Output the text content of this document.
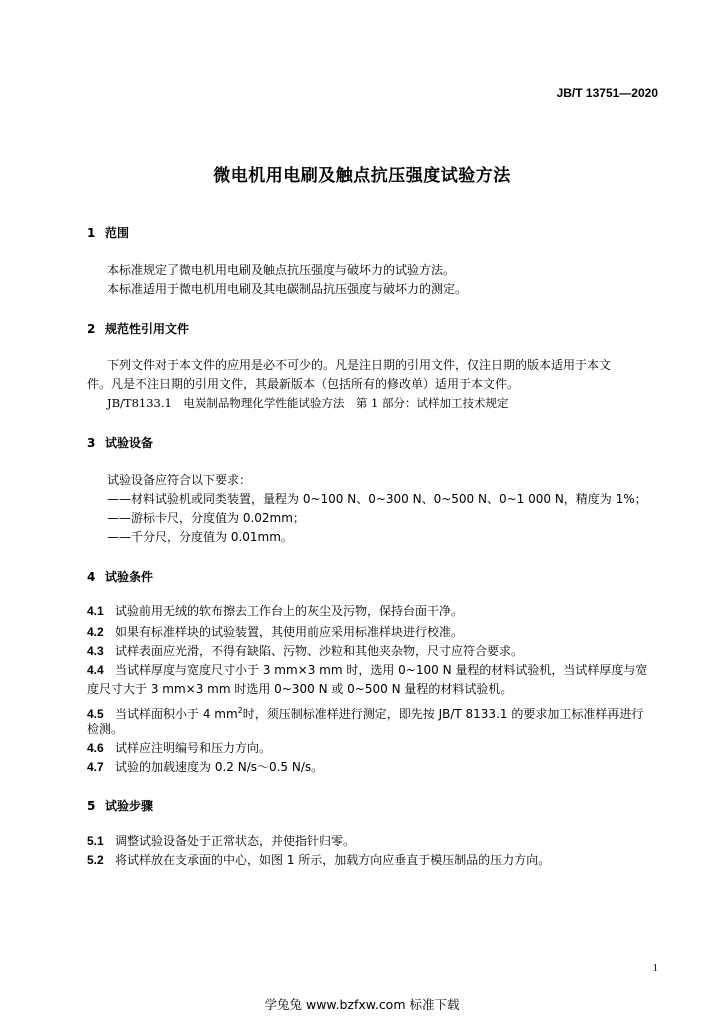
JB/T 13751—2020
微电机用电刷及触点抗压强度试验方法
1 范围
本标准规定了微电机用电刷及触点抗压强度与破坏力的试验方法。
本标准适用于微电机用电刷及其电碳制品抗压强度与破坏力的测定。
2 规范性引用文件
下列文件对于本文件的应用是必不可少的。凡是注日期的引用文件，仅注日期的版本适用于本文
件。凡是不注日期的引用文件，其最新版本（包括所有的修改单）适用于本文件。
JB/T8133.1　电炭制品物理化学性能试验方法　第 1 部分：试样加工技术规定
3 试验设备
试验设备应符合以下要求：
——材料试验机或同类装置，量程为 0~100 N、0~300 N、0~500 N、0~1 000 N，精度为 1%；
——游标卡尺，分度值为 0.02mm；
——千分尺，分度值为 0.01mm。
4 试验条件
4.1 试验前用无绒的软布擦去工作台上的灰尘及污物，保持台面干净。
4.2 如果有标准样块的试验装置，其使用前应采用标准样块进行校准。
4.3 试样表面应光滑，不得有缺陷、污物、沙粒和其他夹杂物，尺寸应符合要求。
4.4 当试样厚度与宽度尺寸小于 3 mm×3 mm 时，选用 0~100 N 量程的材料试验机，当试样厚度与宽
度尺寸大于 3 mm×3 mm 时选用 0~300 N 或 0~500 N 量程的材料试验机。
4.5 当试样面积小于 4 $mm^2$时，须压制标准样进行测定，即先按 JB/T 8133.1 的要求加工标准样再进行
检测。
4.6 试样应注明编号和压力方向。
4.7 试验的加载速度为 0.2 N/s～0.5 N/s。
5 试验步骤
5.1 调整试验设备处于正常状态，并使指针归零。
5.2 将试样放在支承面的中心，如图 1 所示，加载方向应垂直于模压制品的压力方向。
1
学兔兔 www.bzfxw.com 标准下载
